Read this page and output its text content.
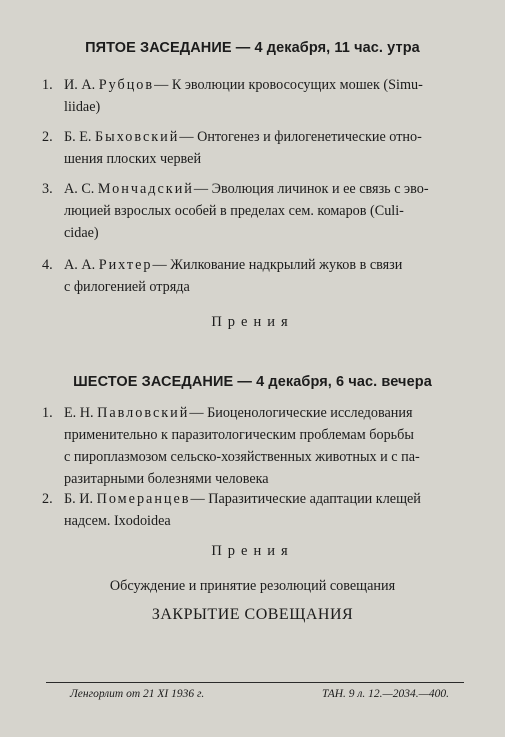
ПЯТОЕ ЗАСЕДАНИЕ — 4 декабря, 11 час. утра
1. И. А. Рубцов— К эволюции кровососущих мошек (Simu-
liidae)
2. Б. Е. Быховский— Онтогенез и филогенетические отно-
шения плоских червей
3. А. С. Мончадский— Эволюция личинок и ее связь с эво-
люцией взрослых особей в пределах сем. комаров (Culi-
cidae)
4. А. А. Рихтер— Жилкование надкрылий жуков в связи
с филогенией отряда
Прения
ШЕСТОЕ ЗАСЕДАНИЕ — 4 декабря, 6 час. вечера
1. Е. Н. Павловский— Биоценологические исследования
применительно к паразитологическим проблемам борьбы
с пироплазмозом сельско-хозяйственных животных и с па-
разитарными болезнями человека
2. Б. И. Померанцев— Паразитические адаптации клещей
надсем. Ixodoidea
Прения
Обсуждение и принятие резолюций совещания
ЗАКРЫТИЕ СОВЕЩАНИЯ
Ленгорлит от 21 XI 1936 г.	ТАН. 9 л. 12.—2034.—400.
